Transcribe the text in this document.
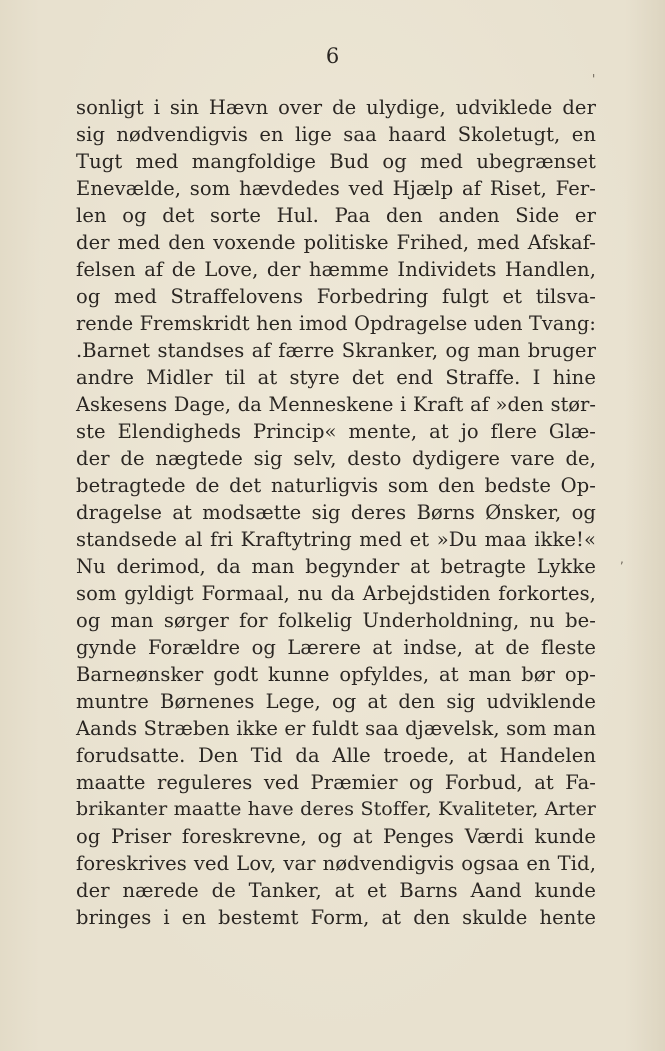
6
'
,
sonligt i sin Hævn over de ulydige, udviklede der
sig nødvendigvis en lige saa haard Skoletugt, en
Tugt med mangfoldige Bud og med ubegrænset
Enevælde, som hævdedes ved Hjælp af Riset, Fer-
len og det sorte Hul. Paa den anden Side er
der med den voxende politiske Frihed, med Afskaf-
felsen af de Love, der hæmme Individets Handlen,
og med Straffelovens Forbedring fulgt et tilsva-
rende Fremskridt hen imod Opdragelse uden Tvang:
.Barnet standses af færre Skranker, og man bruger
andre Midler til at styre det end Straffe. I hine
Askesens Dage, da Menneskene i Kraft af »den stør-
ste Elendigheds Princip« mente, at jo flere Glæ-
der de nægtede sig selv, desto dydigere vare de,
betragtede de det naturligvis som den bedste Op-
dragelse at modsætte sig deres Børns Ønsker, og
standsede al fri Kraftytring med et »Du maa ikke!«
Nu derimod, da man begynder at betragte Lykke
som gyldigt Formaal, nu da Arbejdstiden forkortes,
og man sørger for folkelig Underholdning, nu be-
gynde Forældre og Lærere at indse, at de fleste
Barneønsker godt kunne opfyldes, at man bør op-
muntre Børnenes Lege, og at den sig udviklende
Aands Stræben ikke er fuldt saa djævelsk, som man
forudsatte. Den Tid da Alle troede, at Handelen
maatte reguleres ved Præmier og Forbud, at Fa-
brikanter maatte have deres Stoffer, Kvaliteter, Arter
og Priser foreskrevne, og at Penges Værdi kunde
foreskrives ved Lov, var nødvendigvis ogsaa en Tid,
der nærede de Tanker, at et Barns Aand kunde
bringes i en bestemt Form, at den skulde hente
